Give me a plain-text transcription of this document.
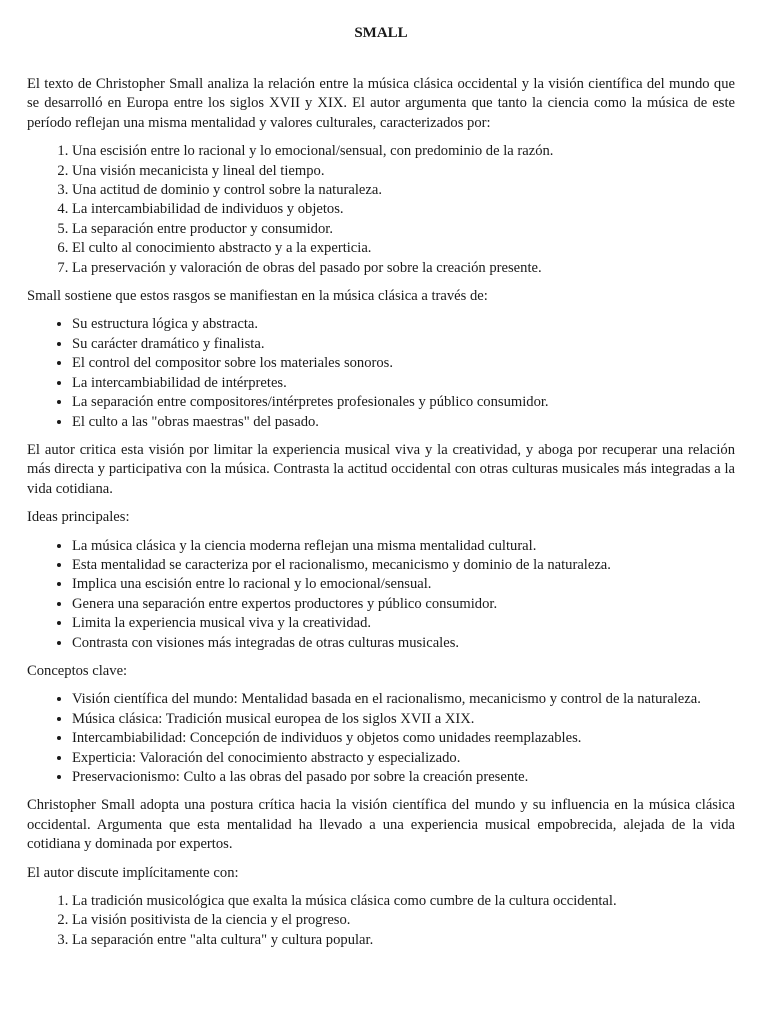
SMALL

El texto de Christopher Small analiza la relación entre la música clásica occidental y la visión científica del mundo que se desarrolló en Europa entre los siglos XVII y XIX. El autor argumenta que tanto la ciencia como la música de este período reflejan una misma mentalidad y valores culturales, caracterizados por:

1. Una escisión entre lo racional y lo emocional/sensual, con predominio de la razón.
2. Una visión mecanicista y lineal del tiempo.
3. Una actitud de dominio y control sobre la naturaleza.
4. La intercambiabilidad de individuos y objetos.
5. La separación entre productor y consumidor.
6. El culto al conocimiento abstracto y a la experticia.
7. La preservación y valoración de obras del pasado por sobre la creación presente.

Small sostiene que estos rasgos se manifiestan en la música clásica a través de:

• Su estructura lógica y abstracta.
• Su carácter dramático y finalista.
• El control del compositor sobre los materiales sonoros.
• La intercambiabilidad de intérpretes.
• La separación entre compositores/intérpretes profesionales y público consumidor.
• El culto a las "obras maestras" del pasado.

El autor critica esta visión por limitar la experiencia musical viva y la creatividad, y aboga por recuperar una relación más directa y participativa con la música. Contrasta la actitud occidental con otras culturas musicales más integradas a la vida cotidiana.

Ideas principales:

• La música clásica y la ciencia moderna reflejan una misma mentalidad cultural.
• Esta mentalidad se caracteriza por el racionalismo, mecanicismo y dominio de la naturaleza.
• Implica una escisión entre lo racional y lo emocional/sensual.
• Genera una separación entre expertos productores y público consumidor.
• Limita la experiencia musical viva y la creatividad.
• Contrasta con visiones más integradas de otras culturas musicales.

Conceptos clave:

• Visión científica del mundo: Mentalidad basada en el racionalismo, mecanicismo y control de la naturaleza.
• Música clásica: Tradición musical europea de los siglos XVII a XIX.
• Intercambiabilidad: Concepción de individuos y objetos como unidades reemplazables.
• Experticia: Valoración del conocimiento abstracto y especializado.
• Preservacionismo: Culto a las obras del pasado por sobre la creación presente.

Christopher Small adopta una postura crítica hacia la visión científica del mundo y su influencia en la música clásica occidental. Argumenta que esta mentalidad ha llevado a una experiencia musical empobrecida, alejada de la vida cotidiana y dominada por expertos.

El autor discute implícitamente con:

1. La tradición musicológica que exalta la música clásica como cumbre de la cultura occidental.
2. La visión positivista de la ciencia y el progreso.
3. La separación entre "alta cultura" y cultura popular.
